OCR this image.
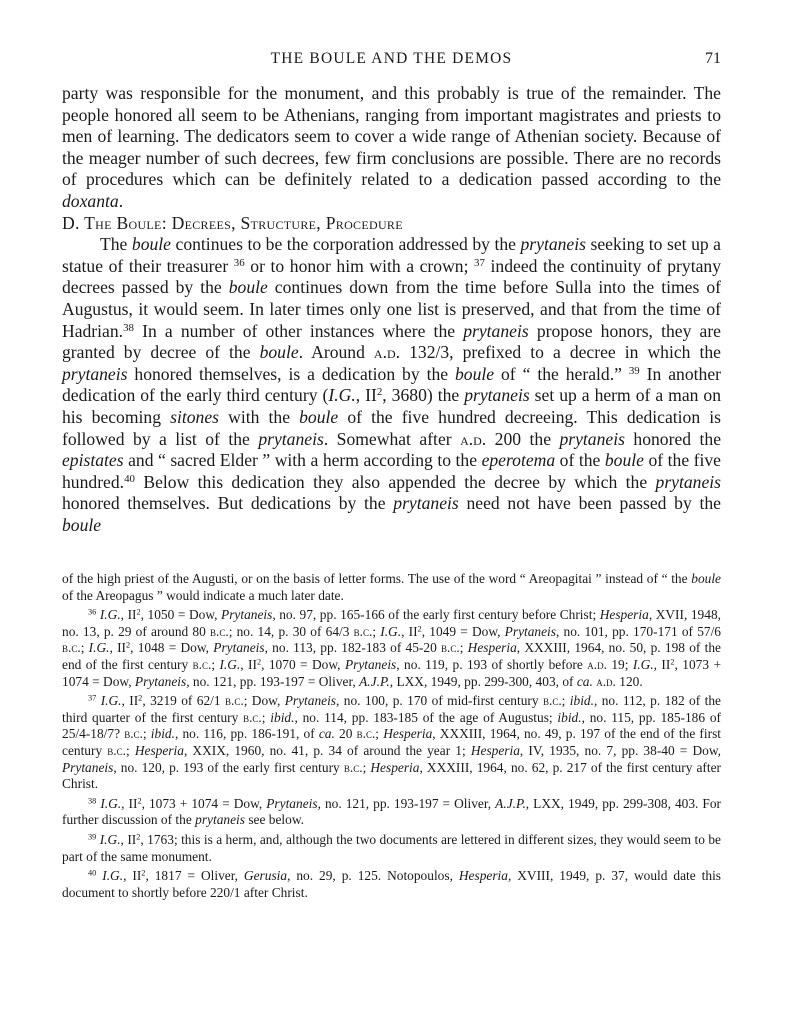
THE BOULE AND THE DEMOS	71

party was responsible for the monument, and this probably is true of the remainder. The people honored all seem to be Athenians, ranging from important magistrates and priests to men of learning. The dedicators seem to cover a wide range of Athenian society. Because of the meager number of such decrees, few firm conclusions are possible. There are no records of procedures which can be definitely related to a dedication passed according to the doxanta.

D. The Boule: Decrees, Structure, Procedure

The boule continues to be the corporation addressed by the prytaneis seeking to set up a statue of their treasurer $^{36}$ or to honor him with a crown; $^{37}$ indeed the continuity of prytany decrees passed by the boule continues down from the time before Sulla into the times of Augustus, it would seem. In later times only one list is preserved, and that from the time of Hadrian.$^{38}$ In a number of other instances where the prytaneis propose honors, they are granted by decree of the boule. Around a.d. 132/3, prefixed to a decree in which the prytaneis honored themselves, is a dedication by the boule of “ the herald.” $^{39}$ In another dedication of the early third century (I.G., $II^2$, 3680) the prytaneis set up a herm of a man on his becoming sitones with the boule of the five hundred decreeing. This dedication is followed by a list of the prytaneis. Somewhat after a.d. 200 the prytaneis honored the epistates and “ sacred Elder ” with a herm according to the eperotema of the boule of the five hundred.$^{40}$ Below this dedication they also appended the decree by which the prytaneis honored themselves. But dedications by the prytaneis need not have been passed by the boule

of the high priest of the Augusti, or on the basis of letter forms. The use of the word “ Areopagitai ” instead of “ the boule of the Areopagus ” would indicate a much later date.

$^{36}$ I.G., $II^2$, 1050 = Dow, Prytaneis, no. 97, pp. 165-166 of the early first century before Christ; Hesperia, XVII, 1948, no. 13, p. 29 of around 80 b.c.; no. 14, p. 30 of 64/3 b.c.; I.G., $II^2$, 1049 = Dow, Prytaneis, no. 101, pp. 170-171 of 57/6 b.c.; I.G., $II^2$, 1048 = Dow, Prytaneis, no. 113, pp. 182-183 of 45-20 b.c.; Hesperia, XXXIII, 1964, no. 50, p. 198 of the end of the first century b.c.; I.G., $II^2$, 1070 = Dow, Prytaneis, no. 119, p. 193 of shortly before a.d. 19; I.G., $II^2$, 1073 + 1074 = Dow, Prytaneis, no. 121, pp. 193-197 = Oliver, A.J.P., LXX, 1949, pp. 299-300, 403, of ca. a.d. 120.

$^{37}$ I.G., $II^2$, 3219 of 62/1 b.c.; Dow, Prytaneis, no. 100, p. 170 of mid-first century b.c.; ibid., no. 112, p. 182 of the third quarter of the first century b.c.; ibid., no. 114, pp. 183-185 of the age of Augustus; ibid., no. 115, pp. 185-186 of 25/4-18/7? b.c.; ibid., no. 116, pp. 186-191, of ca. 20 b.c.; Hesperia, XXXIII, 1964, no. 49, p. 197 of the end of the first century b.c.; Hesperia, XXIX, 1960, no. 41, p. 34 of around the year 1; Hesperia, IV, 1935, no. 7, pp. 38-40 = Dow, Prytaneis, no. 120, p. 193 of the early first century b.c.; Hesperia, XXXIII, 1964, no. 62, p. 217 of the first century after Christ.

$^{38}$ I.G., $II^2$, 1073 + 1074 = Dow, Prytaneis, no. 121, pp. 193-197 = Oliver, A.J.P., LXX, 1949, pp. 299-308, 403. For further discussion of the prytaneis see below.

$^{39}$ I.G., $II^2$, 1763; this is a herm, and, although the two documents are lettered in different sizes, they would seem to be part of the same monument.

$^{40}$ I.G., $II^2$, 1817 = Oliver, Gerusia, no. 29, p. 125. Notopoulos, Hesperia, XVIII, 1949, p. 37, would date this document to shortly before 220/1 after Christ.
